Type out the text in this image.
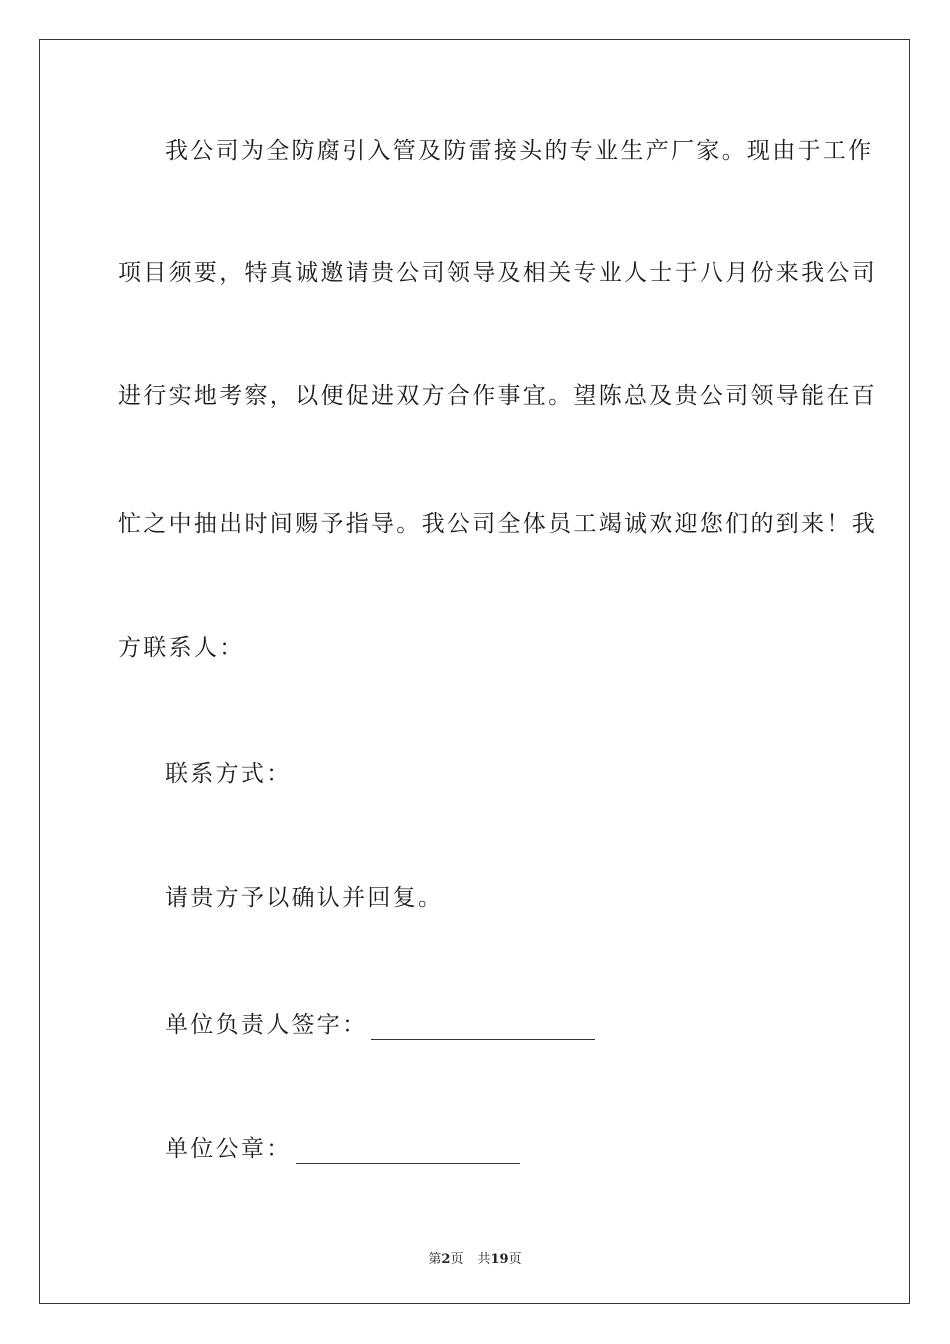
我公司为全防腐引入管及防雷接头的专业生产厂家。现由于工作
项目须要，特真诚邀请贵公司领导及相关专业人士于八月份来我公司
进行实地考察，以便促进双方合作事宜。望陈总及贵公司领导能在百
忙之中抽出时间赐予指导。我公司全体员工竭诚欢迎您们的到来！我
方联系人：
联系方式：
请贵方予以确认并回复。
单位负责人签字：
单位公章：
第2页 共19页
